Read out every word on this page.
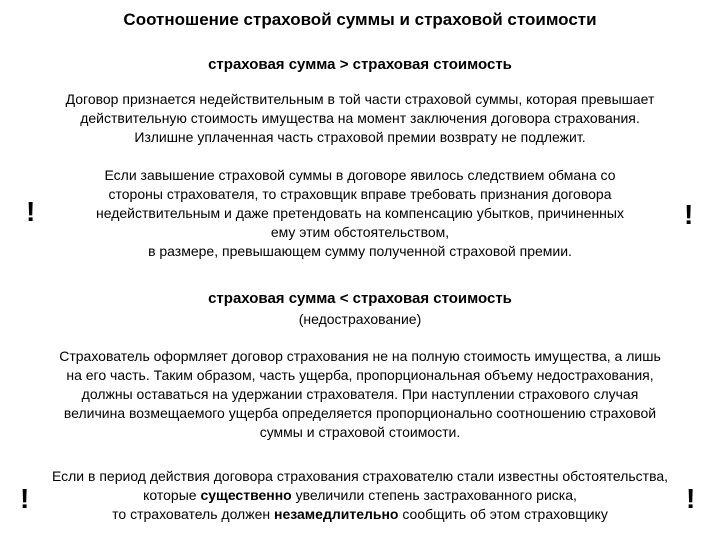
Соотношение страховой суммы и страховой стоимости
страховая сумма > страховая стоимость
Договор признается недействительным в той части страховой суммы, которая превышает
действительную стоимость имущества на момент заключения договора страхования.
Излишне уплаченная часть страховой премии возврату не подлежит.
Если завышение страховой суммы в договоре явилось следствием обмана со
стороны страхователя, то страховщик вправе требовать признания договора
недействительным и даже претендовать на компенсацию убытков, причиненных
ему этим обстоятельством,
в размере, превышающем сумму полученной страховой премии.
!	!
страховая сумма < страховая стоимость
(недострахование)
Страхователь оформляет договор страхования не на полную стоимость имущества, а лишь
на его часть. Таким образом, часть ущерба, пропорциональная объему недострахования,
должны оставаться на удержании страхователя. При наступлении страхового случая
величина возмещаемого ущерба определяется пропорционально соотношению страховой
суммы и страховой стоимости.
Если в период действия договора страхования страхователю стали известны обстоятельства,
которые существенно увеличили степень застрахованного риска,
то страхователь должен незамедлительно сообщить об этом страховщику
!	!
